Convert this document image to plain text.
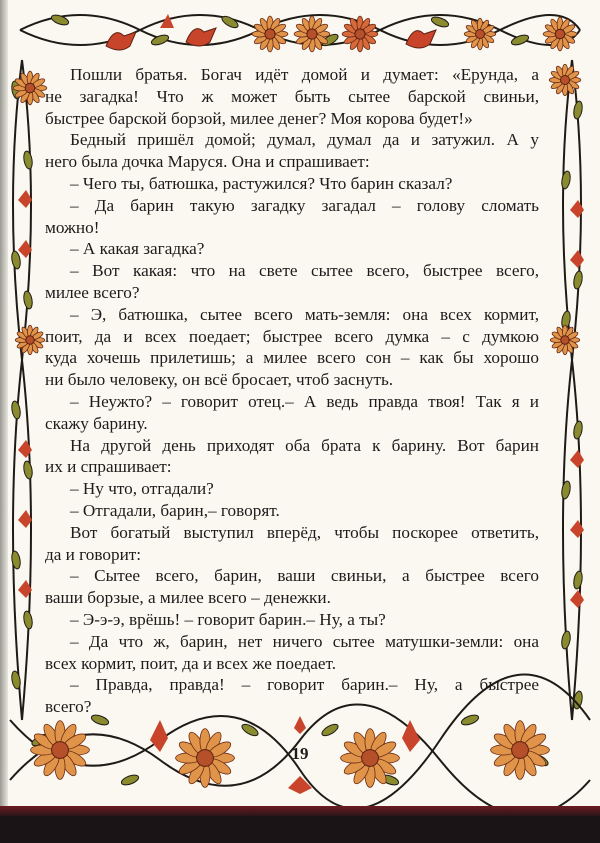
Пошли братья. Богач идёт домой и думает: «Ерунда, а
не загадка! Что ж может быть сытее барской свиньи,
быстрее барской борзой, милее денег? Моя корова будет!»
Бедный пришёл домой; думал, думал да и затужил. А у
него была дочка Маруся. Она и спрашивает:
– Чего ты, батюшка, растужился? Что барин сказал?
– Да барин такую загадку загадал – голову сломать
можно!
– А какая загадка?
– Вот какая: что на свете сытее всего, быстрее всего,
милее всего?
– Э, батюшка, сытее всего мать-земля: она всех кормит,
поит, да и всех поедает; быстрее всего думка – с думкою
куда хочешь прилетишь; а милее всего сон – как бы хорошо
ни было человеку, он всё бросает, чтоб заснуть.
– Неужто? – говорит отец.– А ведь правда твоя! Так я и
скажу барину.
На другой день приходят оба брата к барину. Вот барин
их и спрашивает:
– Ну что, отгадали?
– Отгадали, барин,– говорят.
Вот богатый выступил вперёд, чтобы поскорее ответить,
да и говорит:
– Сытее всего, барин, ваши свиньи, а быстрее всего
ваши борзые, а милее всего – денежки.
– Э-э-э, врёшь! – говорит барин.– Ну, а ты?
– Да что ж, барин, нет ничего сытее матушки-земли: она
всех кормит, поит, да и всех же поедает.
– Правда, правда! – говорит барин.– Ну, а быстрее
всего?
19
